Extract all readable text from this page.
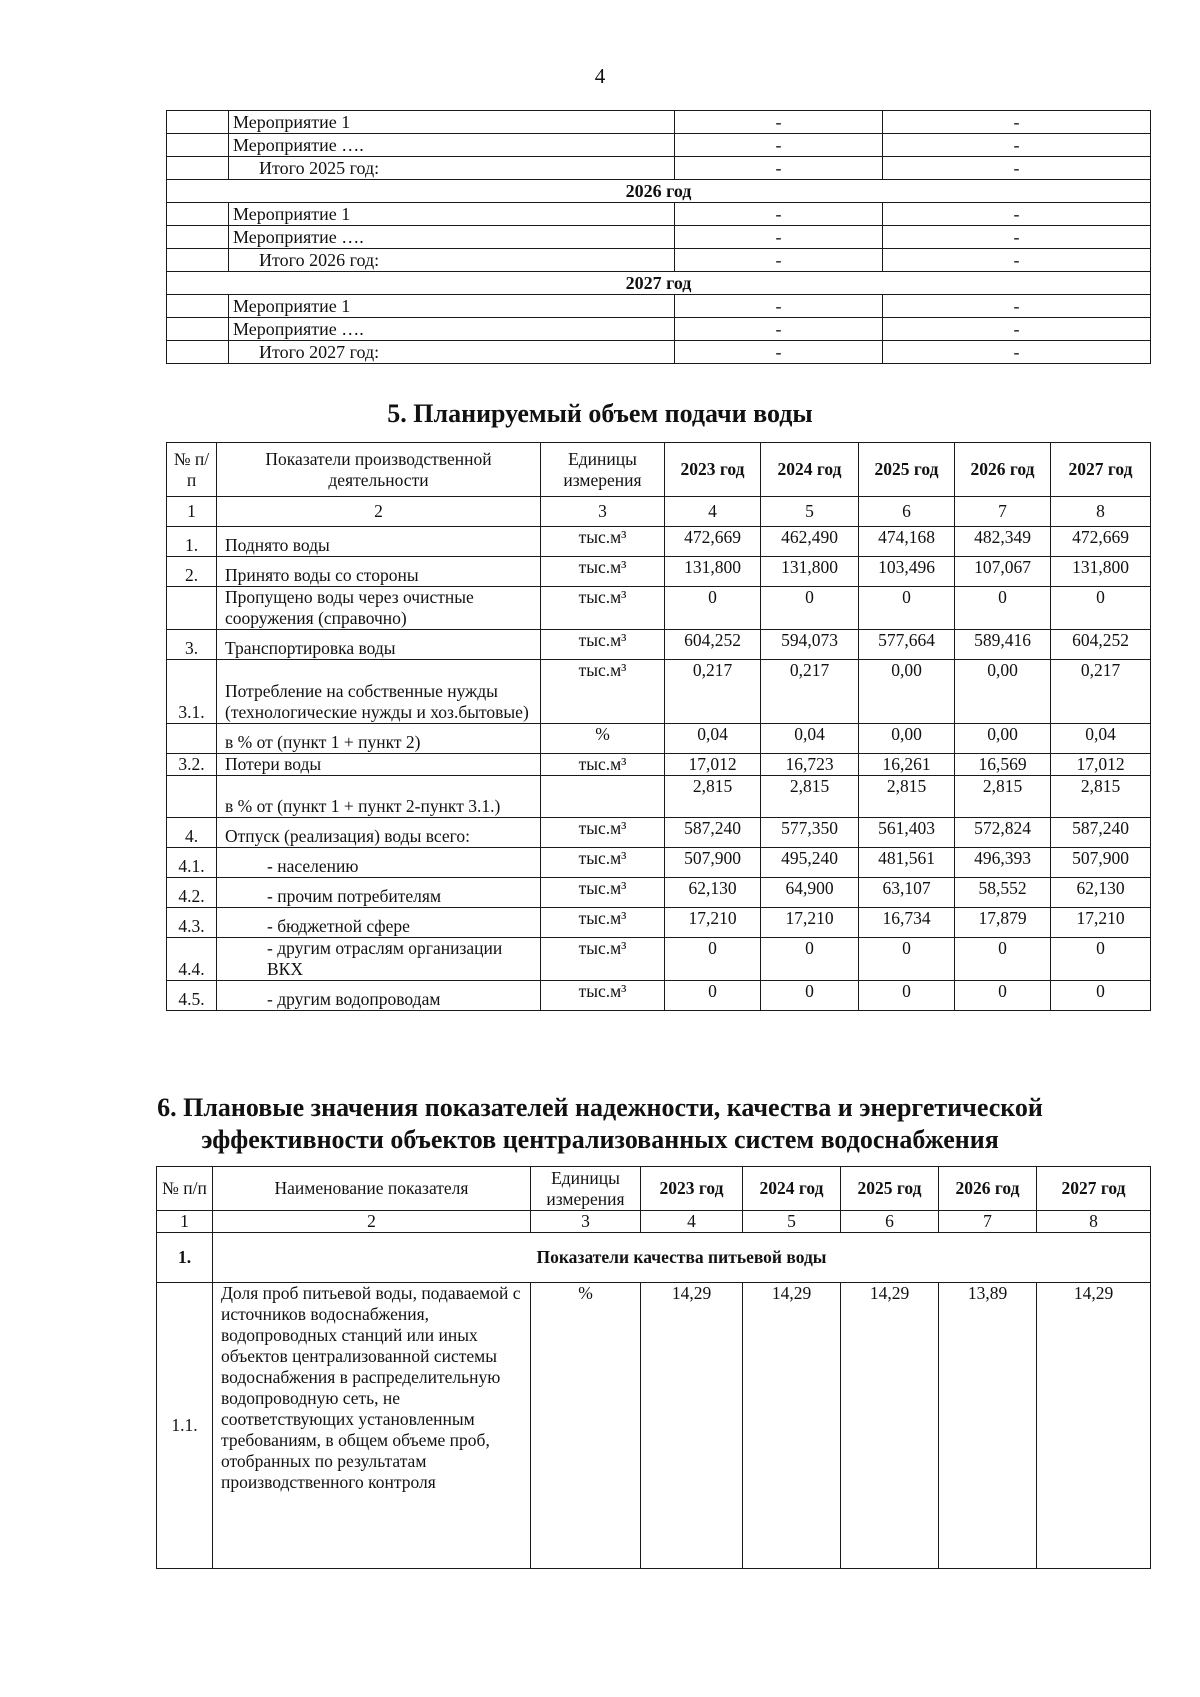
4
	Мероприятие 1	-	-
	Мероприятие ….	-	-
	Итого 2025 год:	-	-
2026 год			
	Мероприятие 1	-	-
	Мероприятие ….	-	-
	Итого 2026 год:	-	-
2027 год			
	Мероприятие 1	-	-
	Мероприятие ….	-	-
	Итого 2027 год:	-	-
5. Планируемый объем подачи воды
№ п/п	Показатели производственной деятельности	Единицы измерения	2023 год	2024 год	2025 год	2026 год	2027 год
1	2	3	4	5	6	7	8
1.	Поднято воды	тыс.м³	472,669	462,490	474,168	482,349	472,669
2.	Принято воды со стороны	тыс.м³	131,800	131,800	103,496	107,067	131,800
	Пропущено воды через очистные сооружения (справочно)	тыс.м³	0	0	0	0	0
3.	Транспортировка воды	тыс.м³	604,252	594,073	577,664	589,416	604,252
3.1.	Потребление на собственные нужды (технологические нужды и хоз.бытовые)	тыс.м³	0,217	0,217	0,00	0,00	0,217
	в % от (пункт 1 + пункт 2)	%	0,04	0,04	0,00	0,00	0,04
3.2.	Потери воды	тыс.м³	17,012	16,723	16,261	16,569	17,012
	в % от (пункт 1 + пункт 2-пункт 3.1.)		2,815	2,815	2,815	2,815	2,815
4.	Отпуск (реализация) воды всего:	тыс.м³	587,240	577,350	561,403	572,824	587,240
4.1.	- населению	тыс.м³	507,900	495,240	481,561	496,393	507,900
4.2.	- прочим потребителям	тыс.м³	62,130	64,900	63,107	58,552	62,130
4.3.	- бюджетной сфере	тыс.м³	17,210	17,210	16,734	17,879	17,210
4.4.	- другим отраслям организации ВКХ	тыс.м³	0	0	0	0	0
4.5.	- другим водопроводам	тыс.м³	0	0	0	0	0
6. Плановые значения показателей надежности, качества и энергетической
эффективности объектов централизованных систем водоснабжения
№ п/п	Наименование показателя	Единицы измерения	2023 год	2024 год	2025 год	2026 год	2027 год
1	2	3	4	5	6	7	8
1.	Показатели качества питьевой воды						
1.1.	Доля проб питьевой воды, подаваемой с источников водоснабжения, водопроводных станций или иных объектов централизованной системы водоснабжения в распределительную водопроводную сеть, не соответствующих установленным требованиям, в общем объеме проб, отобранных по результатам производственного контроля	%	14,29	14,29	14,29	13,89	14,29
